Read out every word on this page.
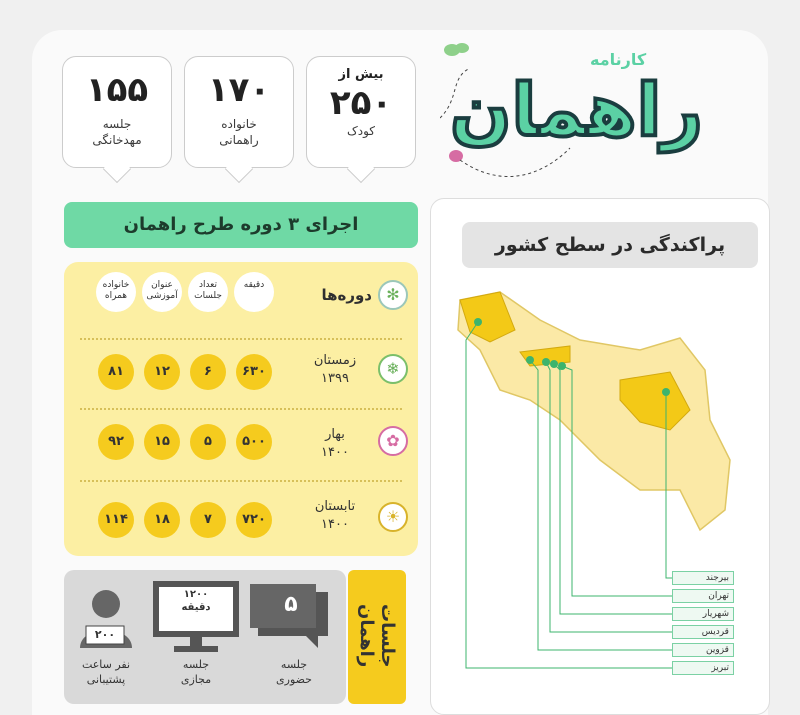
۱۵۵
جلسه
مهدخانگی
۱۷۰
خانواده
راهمانی
بیش از
۲۵۰
کودک
کارنامه
راهمان
اجرای ۳ دوره طرح راهمان
دوره‌ها ✻
دقیقه
تعداد
جلسات
عنوان
آموزشی
خانواده
همراه
❄
زمستان
۱۳۹۹
۶۳۰
۶
۱۲
۸۱
✿
بهار
۱۴۰۰
۵۰۰
۵
۱۵
۹۲
☀
تابستان
۱۴۰۰
۷۲۰
۷
۱۸
۱۱۴
۵
۱۲۰۰
دقیقه
۲۰۰
جلسه
حضوری
جلسه
مجازی
نفر ساعت
پشتیبانی
جلسات راهمان
پراکندگی در سطح کشور
بیرجند
تهران
شهریار
قردیس
قزوین
تبریز
